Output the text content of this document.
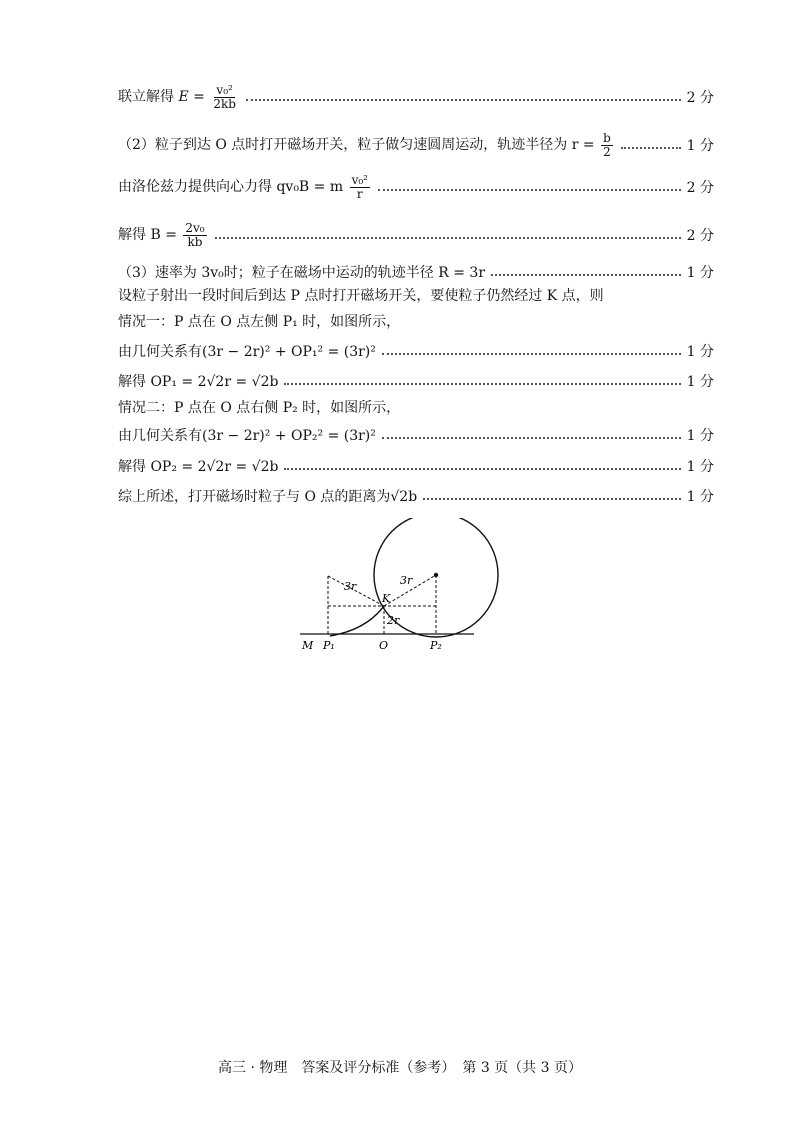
联立解得 $E = \frac{\text{v₀²}}{2kb}$	2 分
（2）粒子到达 O 点时打开磁场开关，粒子做匀速圆周运动，轨迹半径为 $r = \frac{b}{2}$	1 分
由洛伦兹力提供向心力得 qv₀B = m $\frac{\text{v₀²}}{r}$	2 分
解得 $B = \frac{\text{2v₀}}{kb}$	2 分
（3）速率为 3v₀时；粒子在磁场中运动的轨迹半径 R = 3r	1 分
设粒子射出一段时间后到达 P 点时打开磁场开关，要使粒子仍然经过 K 点，则
情况一：P 点在 O 点左侧 P₁ 时，如图所示，
由几何关系有(3r − 2r)² + OP₁² = (3r)²	1 分
解得 OP₁ = 2√2r = √2b	1 分
情况二：P 点在 O 点右侧 P₂ 时，如图所示，
由几何关系有(3r − 2r)² + OP₂² = (3r)²	1 分
解得 OP₂ = 2√2r = √2b	1 分
综上所述，打开磁场时粒子与 O 点的距离为√2b	1 分
3r	3r
K
2r
M P₁	O	P₂
高三 · 物理　答案及评分标准（参考）　第 3 页（共 3 页）
